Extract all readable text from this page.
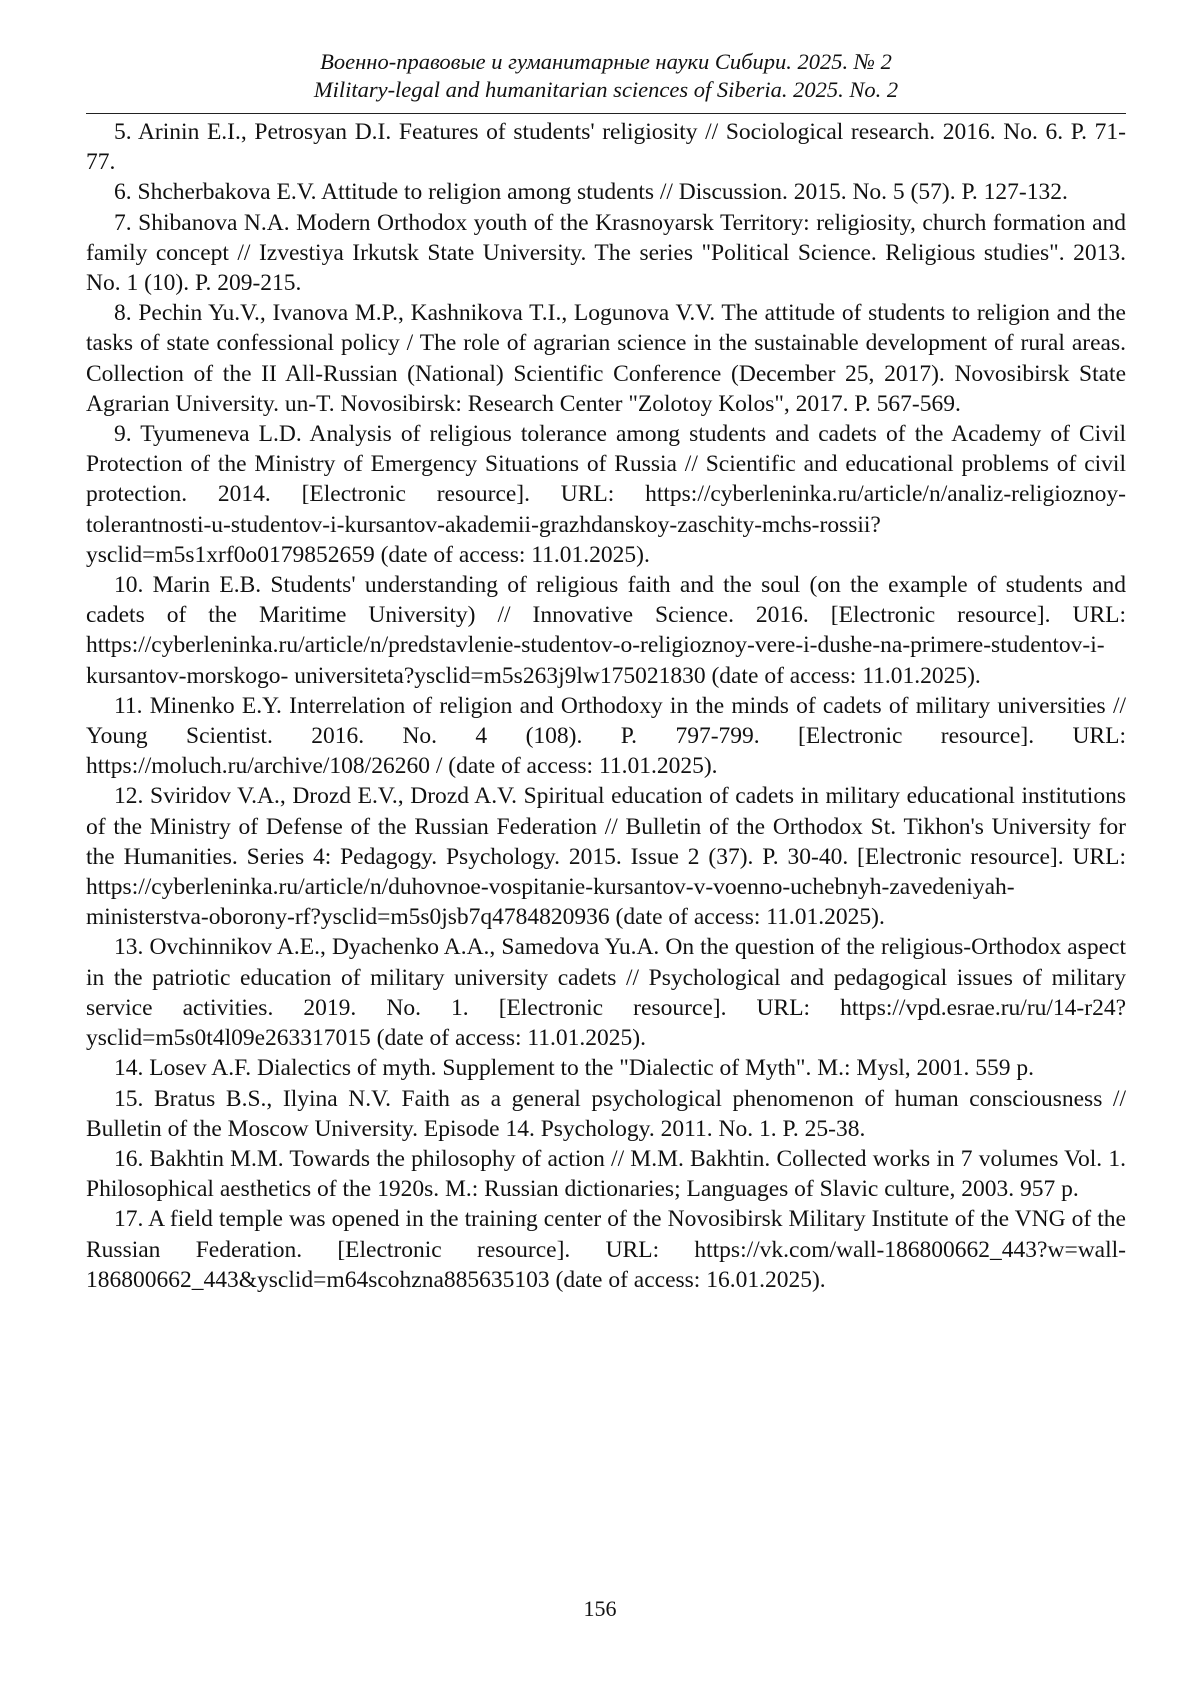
Военно-правовые и гуманитарные науки Сибири. 2025. № 2
Military-legal and humanitarian sciences of Siberia. 2025. No. 2

5. Arinin E.I., Petrosyan D.I. Features of students' religiosity // Sociological research. 2016. No. 6. P. 71-77.

6. Shcherbakova E.V. Attitude to religion among students // Discussion. 2015. No. 5 (57). P. 127-132.

7. Shibanova N.A. Modern Orthodox youth of the Krasnoyarsk Territory: religiosity, church formation and family concept // Izvestiya Irkutsk State University. The series "Political Science. Religious studies". 2013. No. 1 (10). P. 209-215.

8. Pechin Yu.V., Ivanova M.P., Kashnikova T.I., Logunova V.V. The attitude of students to religion and the tasks of state confessional policy / The role of agrarian science in the sustainable development of rural areas. Collection of the II All-Russian (National) Scientific Conference (December 25, 2017). Novosibirsk State Agrarian University. un-T. Novosibirsk: Research Center "Zolotoy Kolos", 2017. P. 567-569.

9. Tyumeneva L.D. Analysis of religious tolerance among students and cadets of the Academy of Civil Protection of the Ministry of Emergency Situations of Russia // Scientific and educational problems of civil protection. 2014. [Electronic resource]. URL: https://cyberleninka.ru/article/n/analiz-religioznoy-tolerantnosti-u-studentov-i-kursantov-akademii-grazhdanskoy-zaschity-mchs-rossii?ysclid=m5s1xrf0o0179852659 (date of access: 11.01.2025).

10. Marin E.B. Students' understanding of religious faith and the soul (on the example of students and cadets of the Maritime University) // Innovative Science. 2016. [Electronic resource]. URL: https://cyberleninka.ru/article/n/predstavlenie-studentov-o-religioznoy-vere-i-dushe-na-primere-studentov-i-kursantov-morskogo- universiteta?ysclid=m5s263j9lw175021830 (date of access: 11.01.2025).

11. Minenko E.Y. Interrelation of religion and Orthodoxy in the minds of cadets of military universities // Young Scientist. 2016. No. 4 (108). P. 797-799. [Electronic resource]. URL: https://moluch.ru/archive/108/26260 / (date of access: 11.01.2025).

12. Sviridov V.A., Drozd E.V., Drozd A.V. Spiritual education of cadets in military educational institutions of the Ministry of Defense of the Russian Federation // Bulletin of the Orthodox St. Tikhon's University for the Humanities. Series 4: Pedagogy. Psychology. 2015. Issue 2 (37). P. 30-40. [Electronic resource]. URL: https://cyberleninka.ru/article/n/duhovnoe-vospitanie-kursantov-v-voenno-uchebnyh-zavedeniyah-ministerstva-oborony-rf?ysclid=m5s0jsb7q4784820936 (date of access: 11.01.2025).

13. Ovchinnikov A.E., Dyachenko A.A., Samedova Yu.A. On the question of the religious-Orthodox aspect in the patriotic education of military university cadets // Psychological and pedagogical issues of military service activities. 2019. No. 1. [Electronic resource]. URL: https://vpd.esrae.ru/ru/14-r24?ysclid=m5s0t4l09e263317015 (date of access: 11.01.2025).

14. Losev A.F. Dialectics of myth. Supplement to the "Dialectic of Myth". M.: Mysl, 2001. 559 p.

15. Bratus B.S., Ilyina N.V. Faith as a general psychological phenomenon of human consciousness // Bulletin of the Moscow University. Episode 14. Psychology. 2011. No. 1. P. 25-38.

16. Bakhtin M.M. Towards the philosophy of action // M.M. Bakhtin. Collected works in 7 volumes Vol. 1. Philosophical aesthetics of the 1920s. M.: Russian dictionaries; Languages of Slavic culture, 2003. 957 p.

17. A field temple was opened in the training center of the Novosibirsk Military Institute of the VNG of the Russian Federation. [Electronic resource]. URL: https://vk.com/wall-186800662_443?w=wall-186800662_443&ysclid=m64scohzna885635103 (date of access: 16.01.2025).

156
